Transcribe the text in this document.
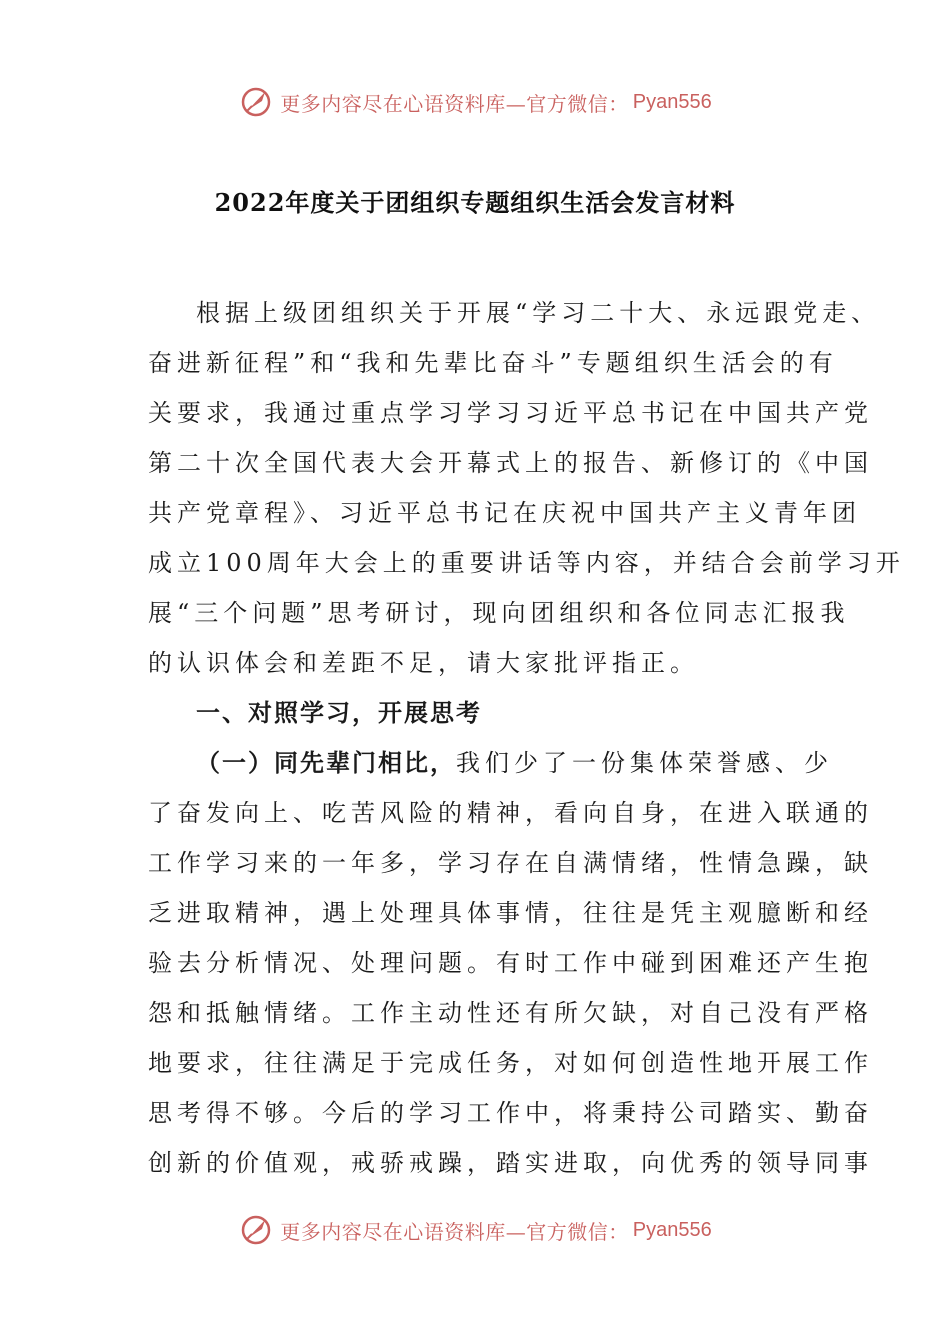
更多内容尽在心语资料库—官方微信： Pyan556
2022年度关于团组织专题组织生活会发言材料
根据上级团组织关于开展“学习二十大、永远跟党走、
奋进新征程”和“我和先辈比奋斗”专题组织生活会的有
关要求，我通过重点学习学习习近平总书记在中国共产党
第二十次全国代表大会开幕式上的报告、新修订的《中国
共产党章程》、习近平总书记在庆祝中国共产主义青年团
成立100周年大会上的重要讲话等内容，并结合会前学习开
展“三个问题”思考研讨，现向团组织和各位同志汇报我
的认识体会和差距不足，请大家批评指正。
一、对照学习，开展思考
（一）同先辈门相比，我们少了一份集体荣誉感、少
了奋发向上、吃苦风险的精神，看向自身，在进入联通的
工作学习来的一年多，学习存在自满情绪，性情急躁，缺
乏进取精神，遇上处理具体事情，往往是凭主观臆断和经
验去分析情况、处理问题。有时工作中碰到困难还产生抱
怨和抵触情绪。工作主动性还有所欠缺，对自己没有严格
地要求，往往满足于完成任务，对如何创造性地开展工作
思考得不够。今后的学习工作中，将秉持公司踏实、勤奋
创新的价值观，戒骄戒躁，踏实进取，向优秀的领导同事
更多内容尽在心语资料库—官方微信： Pyan556
